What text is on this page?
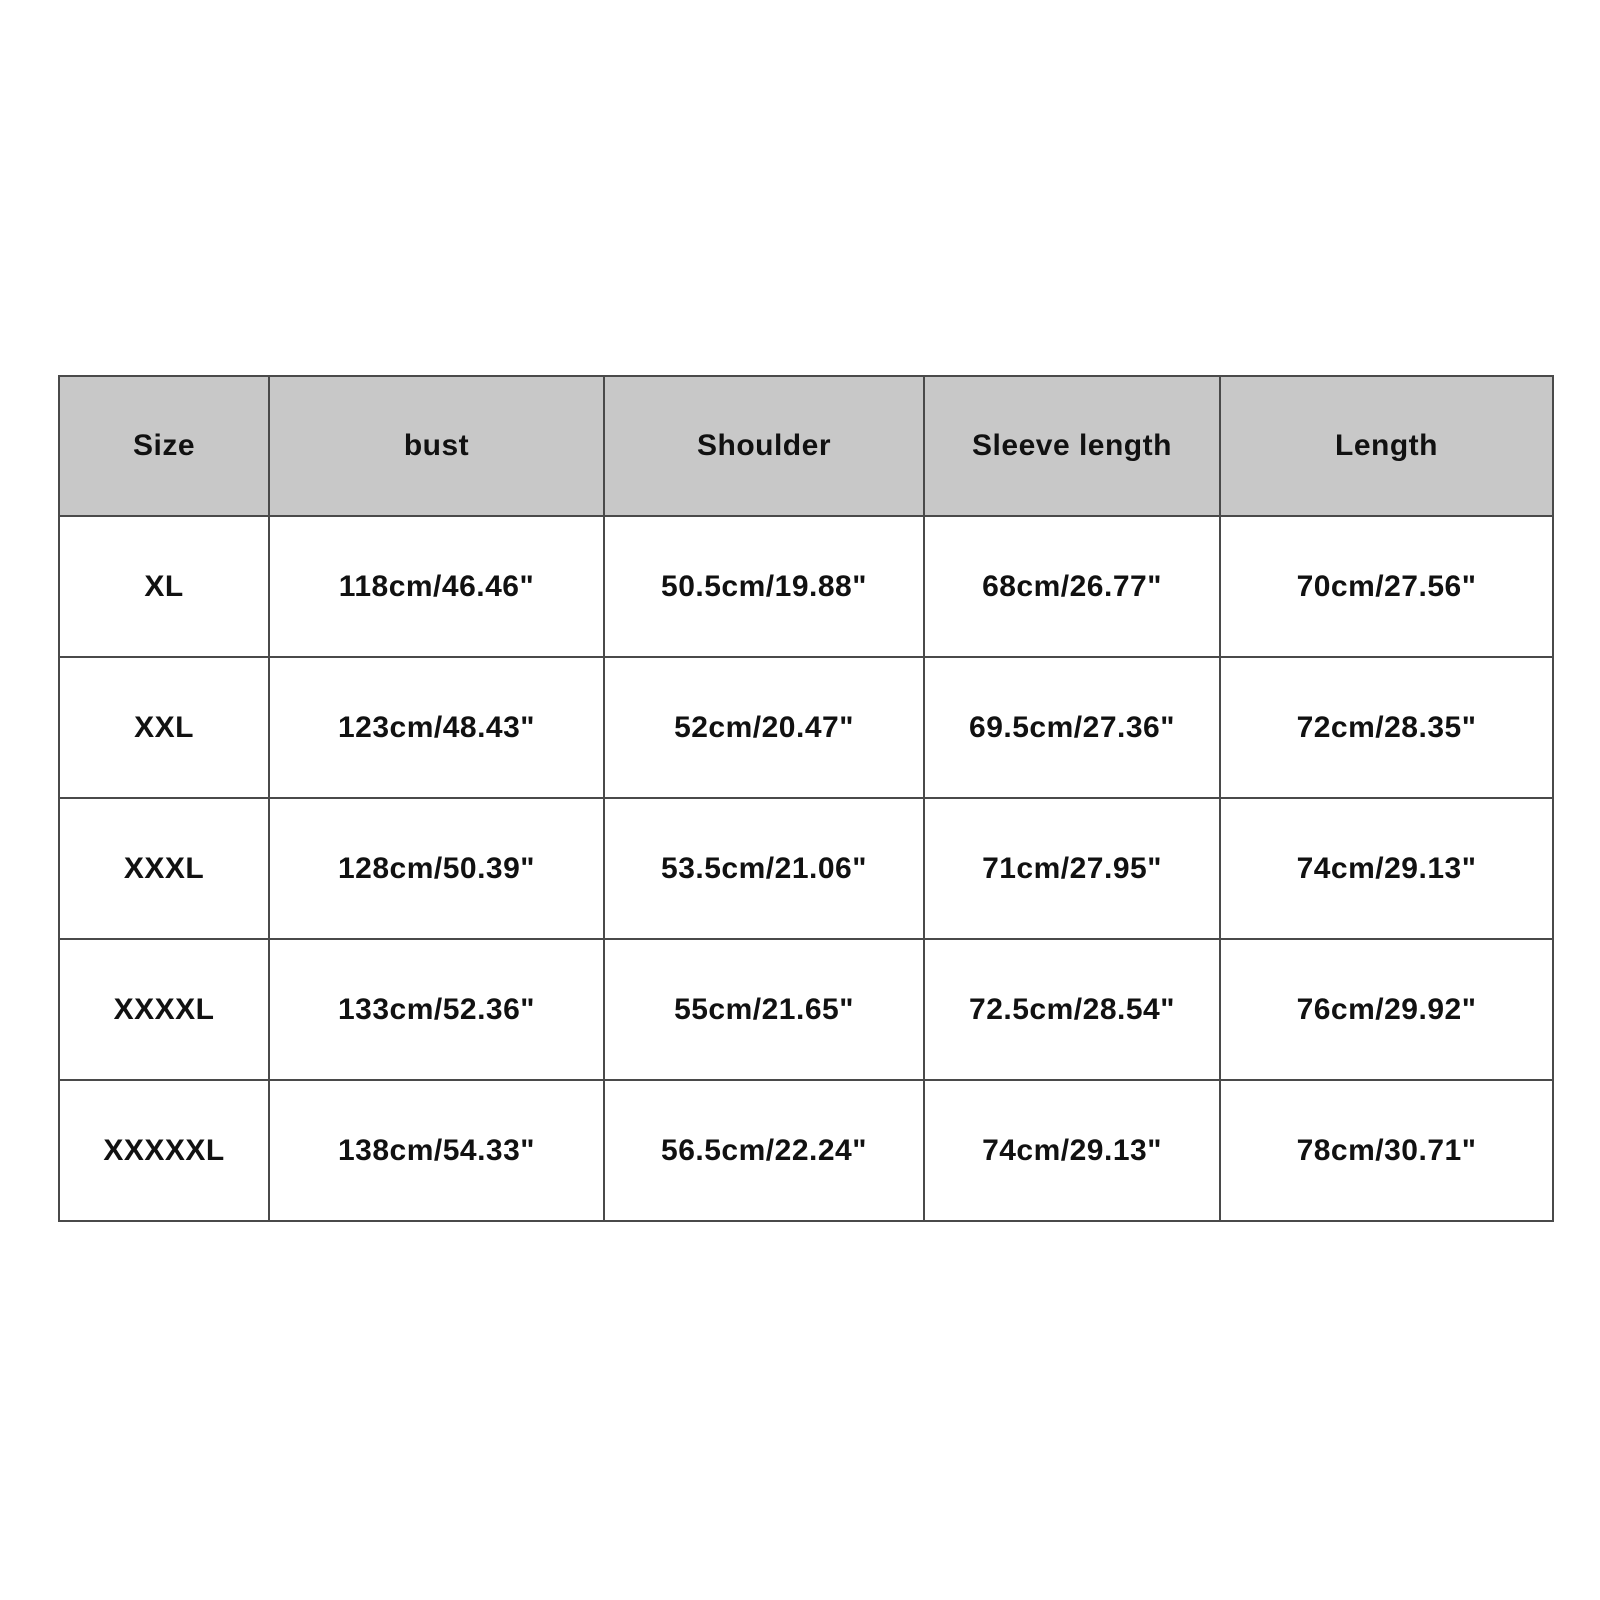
Size	bust	Shoulder	Sleeve length	Length
XL	118cm/46.46"	50.5cm/19.88"	68cm/26.77"	70cm/27.56"
XXL	123cm/48.43"	52cm/20.47"	69.5cm/27.36"	72cm/28.35"
XXXL	128cm/50.39"	53.5cm/21.06"	71cm/27.95"	74cm/29.13"
XXXXL	133cm/52.36"	55cm/21.65"	72.5cm/28.54"	76cm/29.92"
XXXXXL	138cm/54.33"	56.5cm/22.24"	74cm/29.13"	78cm/30.71"
